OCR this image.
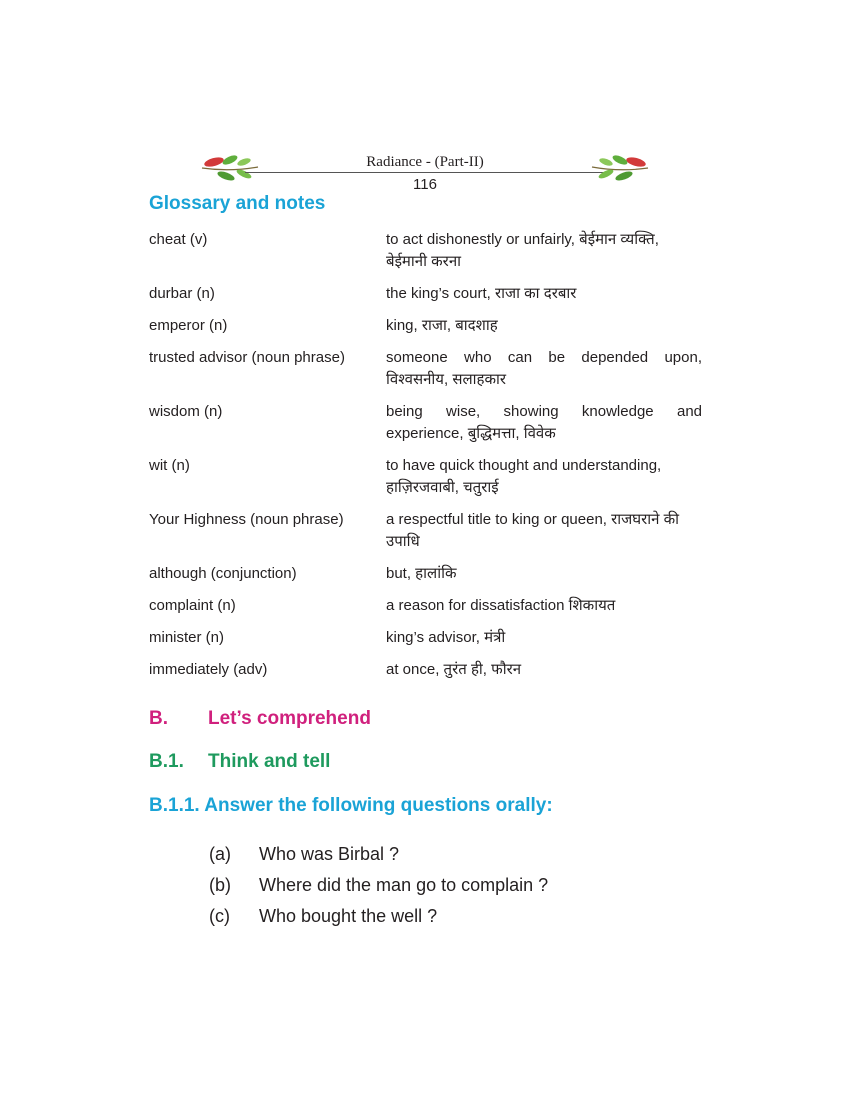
Radiance - (Part-II)
116
Glossary and notes
cheat (v)	to act dishonestly or unfairly, बेईमान व्यक्ति, बेईमानी करना
durbar (n)	the king’s court, राजा का दरबार
emperor (n)	king, राजा, बादशाह
trusted advisor (noun phrase)	someone who can be depended upon, विश्वसनीय, सलाहकार
wisdom (n)	being wise, showing knowledge and experience, बुद्धिमत्ता, विवेक
wit (n)	to have quick thought and understanding, हाज़िरजवाबी, चतुराई
Your Highness (noun phrase)	a respectful title to king or queen, राजघराने की उपाधि
although (conjunction)	but, हालांकि
complaint (n)	a reason for dissatisfaction शिकायत
minister (n)	king’s advisor, मंत्री
immediately (adv)	at once, तुरंत ही, फौरन
B. Let’s comprehend
B.1. Think and tell
B.1.1. Answer the following questions orally:
(a)	Who was Birbal ?
(b)	Where did the man go to complain ?
(c)	Who bought the well ?
